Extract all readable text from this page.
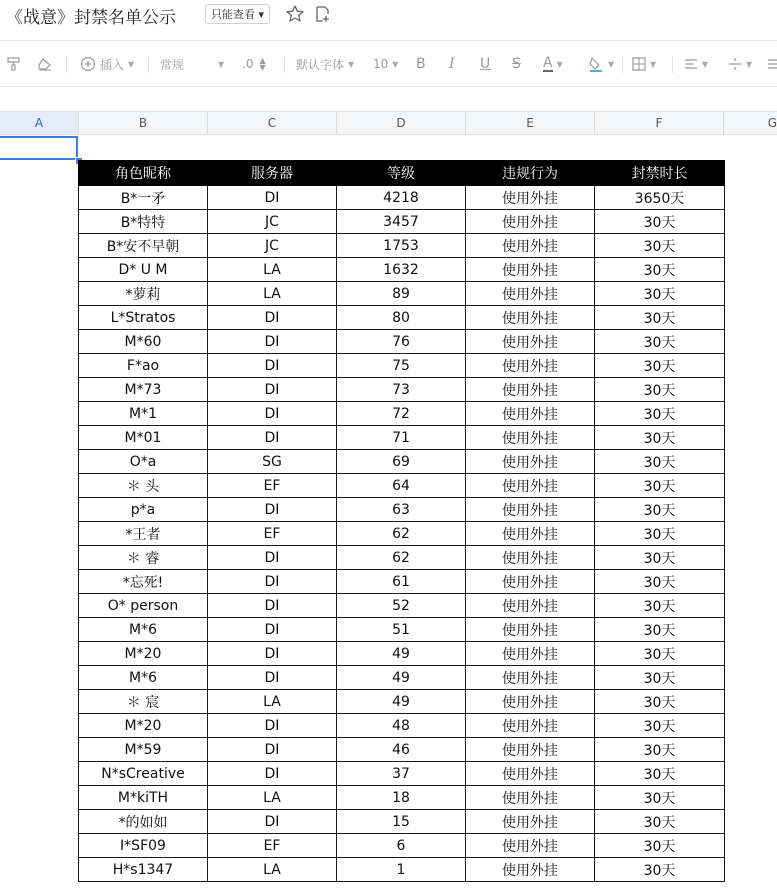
《战意》封禁名单公示	只能查看 ▾
插入 ▼ 常规	▼ .0 ▲
▼	默认字体 ▼ 10 ▼ B I U S A ▼	▼	▼	▼	▼
A	B	C	D	E	F	G
角色昵称	服务器	等级	违规行为	封禁时长
B*一矛	DI	4218	使用外挂	3650天
B*特特	JC	3457	使用外挂	30天
B*安不早朝	JC	1753	使用外挂	30天
D* U M	LA	1632	使用外挂	30天
*萝莉	LA	89	使用外挂	30天
L*Stratos	DI	80	使用外挂	30天
M*60	DI	76	使用外挂	30天
F*ao	DI	75	使用外挂	30天
M*73	DI	73	使用外挂	30天
M*1	DI	72	使用外挂	30天
M*01	DI	71	使用外挂	30天
O*a	SG	69	使用外挂	30天
＊ 头	EF	64	使用外挂	30天
p*a	DI	63	使用外挂	30天
*王者	EF	62	使用外挂	30天
＊ 睿	DI	62	使用外挂	30天
*忘死!	DI	61	使用外挂	30天
O* person	DI	52	使用外挂	30天
M*6	DI	51	使用外挂	30天
M*20	DI	49	使用外挂	30天
M*6	DI	49	使用外挂	30天
＊ 宸	LA	49	使用外挂	30天
M*20	DI	48	使用外挂	30天
M*59	DI	46	使用外挂	30天
N*sCreative	DI	37	使用外挂	30天
M*kiTH	LA	18	使用外挂	30天
*的如如	DI	15	使用外挂	30天
I*SF09	EF	6	使用外挂	30天
H*s1347	LA	1	使用外挂	30天
